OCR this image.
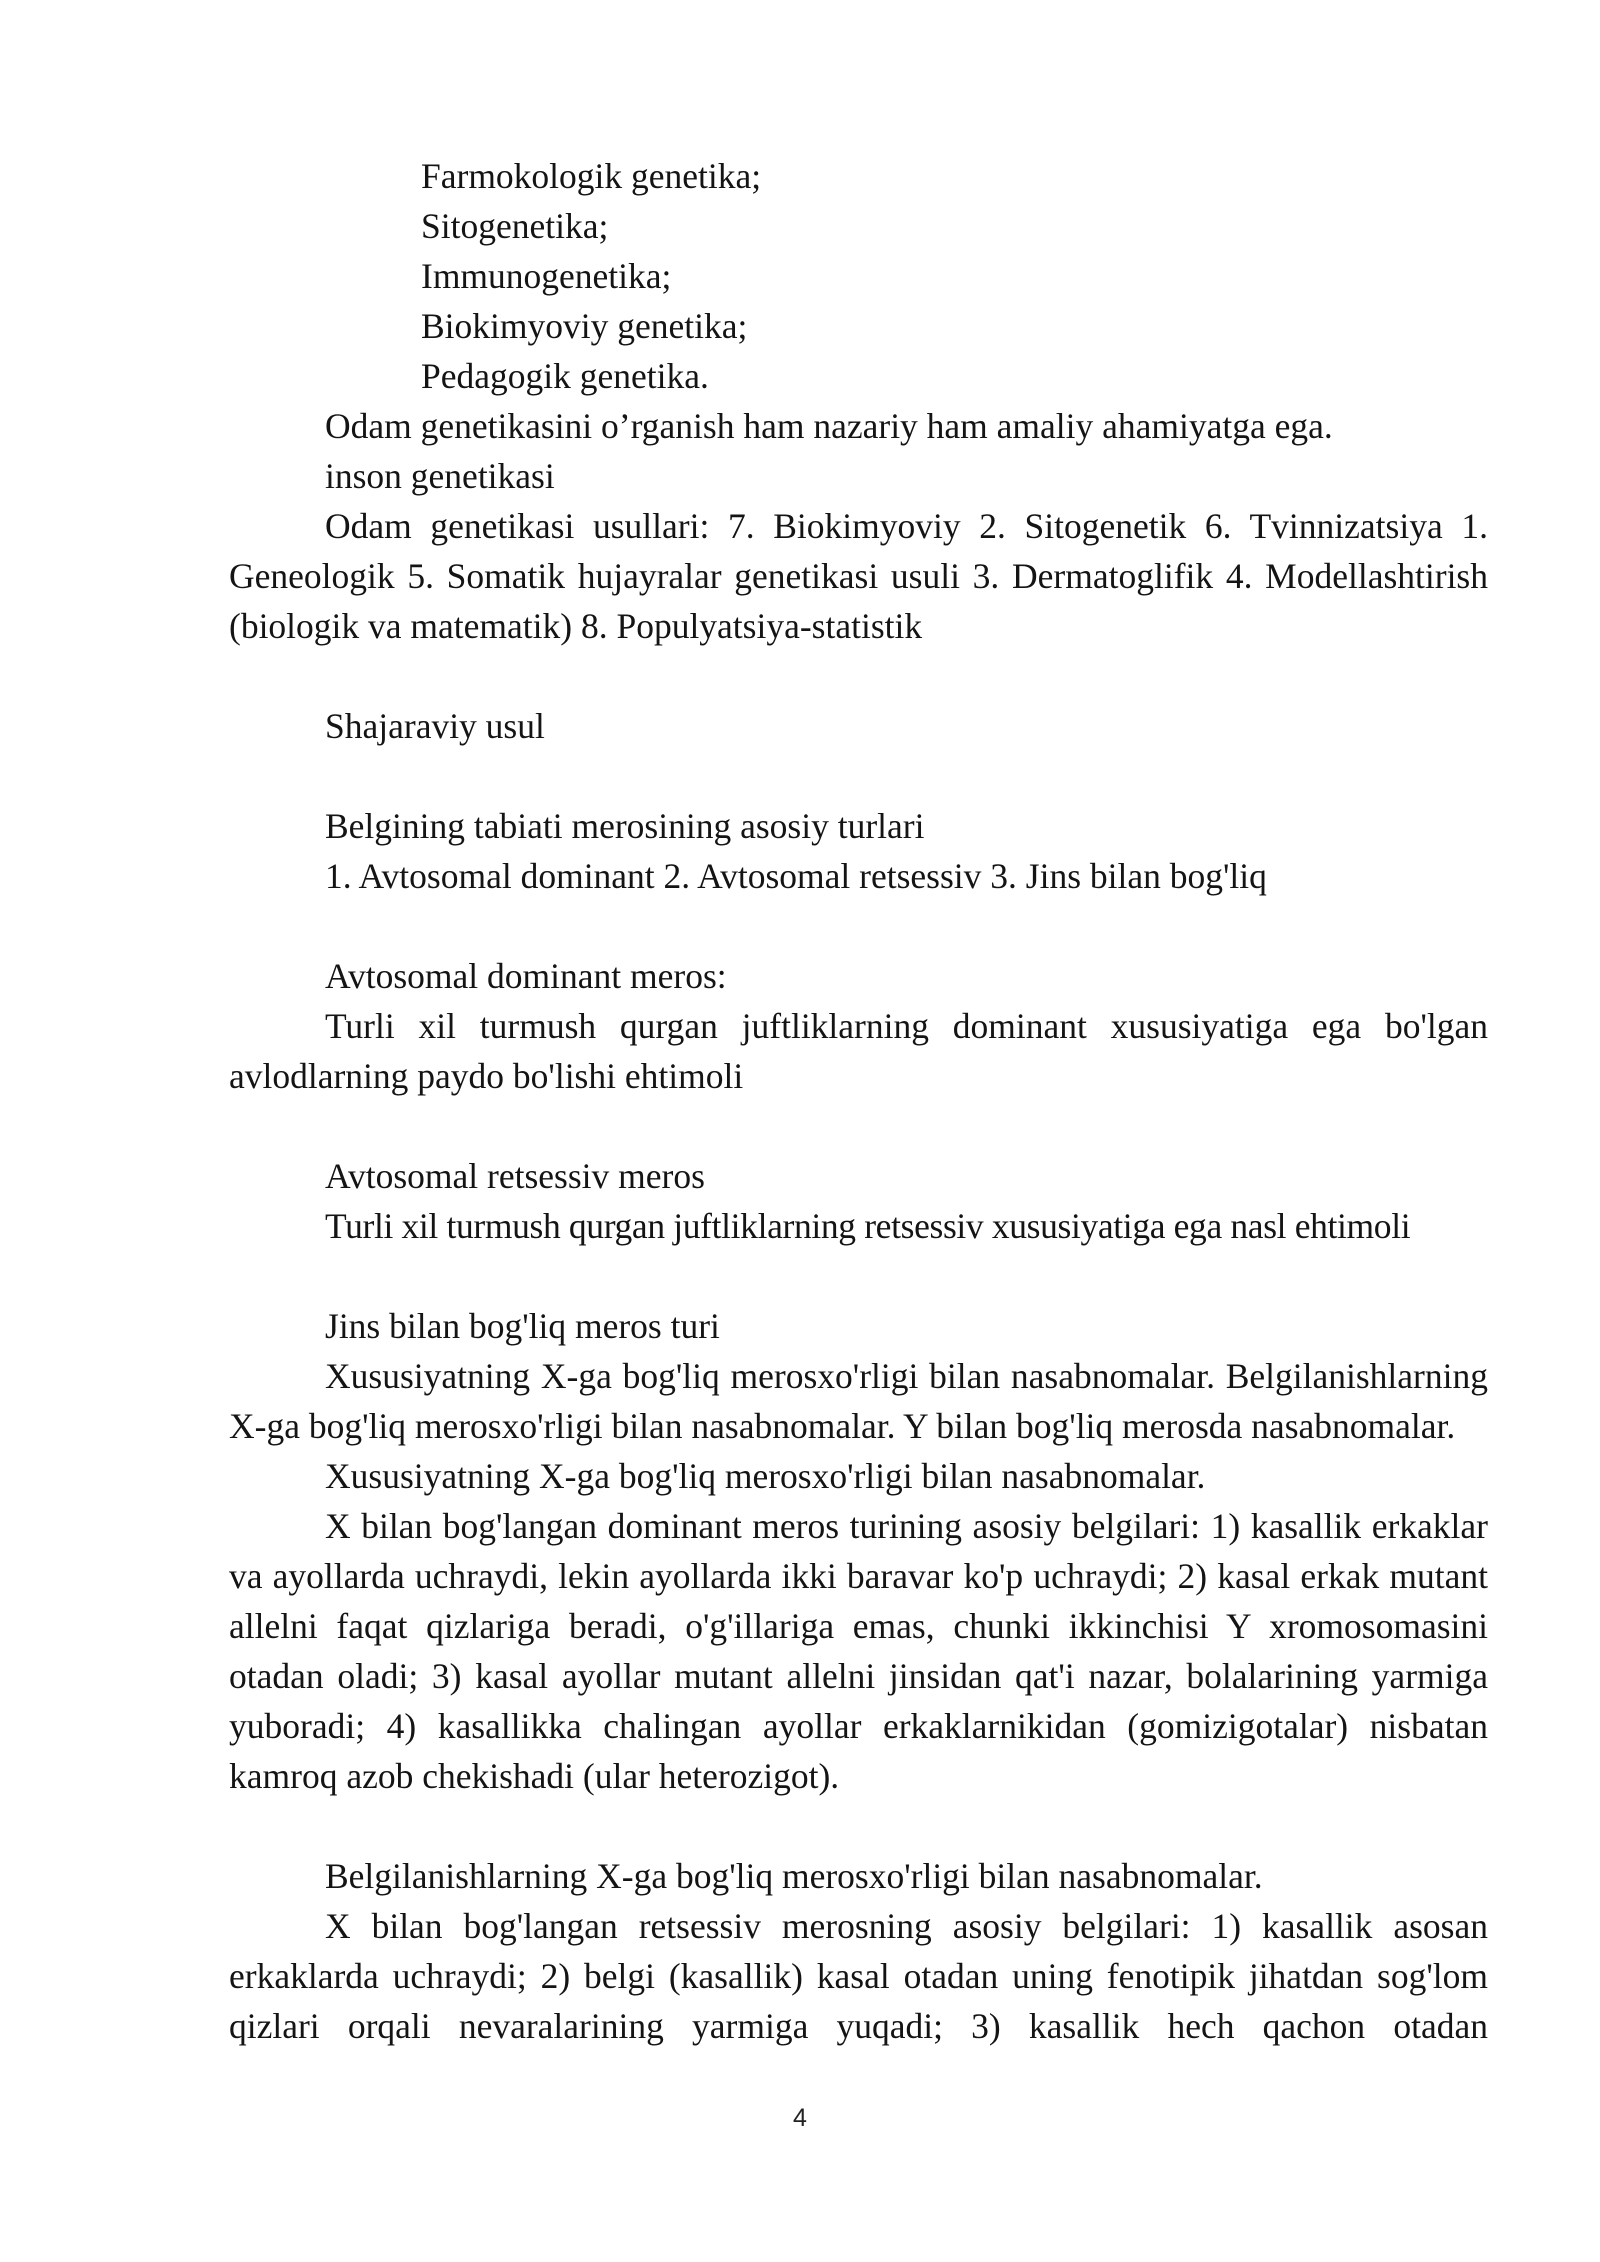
Farmokologik genetika;
Sitogenetika;
Immunogenetika;
Biokimyoviy genetika;
Pedagogik genetika.
Odam genetikasini o’rganish ham nazariy ham amaliy ahamiyatga ega.
inson genetikasi

Odam genetikasi usullari: 7. Biokimyoviy 2. Sitogenetik 6. Tvinnizatsiya 1. Geneologik 5. Somatik hujayralar genetikasi usuli 3. Dermatoglifik 4. Modellashtirish (biologik va matematik) 8. Populyatsiya-statistik

Shajaraviy usul
Belgining tabiati merosining asosiy turlari
1. Avtosomal dominant 2. Avtosomal retsessiv 3. Jins bilan bog'liq
Avtosomal dominant meros:

Turli xil turmush qurgan juftliklarning dominant xususiyatiga ega bo'lgan avlodlarning paydo bo'lishi ehtimoli

Avtosomal retsessiv meros
Turli xil turmush qurgan juftliklarning retsessiv xususiyatiga ega nasl ehtimoli
Jins bilan bog'liq meros turi

Xususiyatning X-ga bog'liq merosxo'rligi bilan nasabnomalar. Belgilanishlarning X-ga bog'liq merosxo'rligi bilan nasabnomalar. Y bilan bog'liq merosda nasabnomalar.

Xususiyatning X-ga bog'liq merosxo'rligi bilan nasabnomalar.

X bilan bog'langan dominant meros turining asosiy belgilari: 1) kasallik erkaklar va ayollarda uchraydi, lekin ayollarda ikki baravar ko'p uchraydi; 2) kasal erkak mutant allelni faqat qizlariga beradi, o'g'illariga emas, chunki ikkinchisi Y xromosomasini otadan oladi; 3) kasal ayollar mutant allelni jinsidan qat'i nazar, bolalarining yarmiga yuboradi; 4) kasallikka chalingan ayollar erkaklarnikidan (gomizigotalar) nisbatan kamroq azob chekishadi (ular heterozigot).

Belgilanishlarning X-ga bog'liq merosxo'rligi bilan nasabnomalar.

X bilan bog'langan retsessiv merosning asosiy belgilari: 1) kasallik asosan erkaklarda uchraydi; 2) belgi (kasallik) kasal otadan uning fenotipik jihatdan sog'lom qizlari orqali nevaralarining yarmiga yuqadi; 3) kasallik hech qachon otadan

4
